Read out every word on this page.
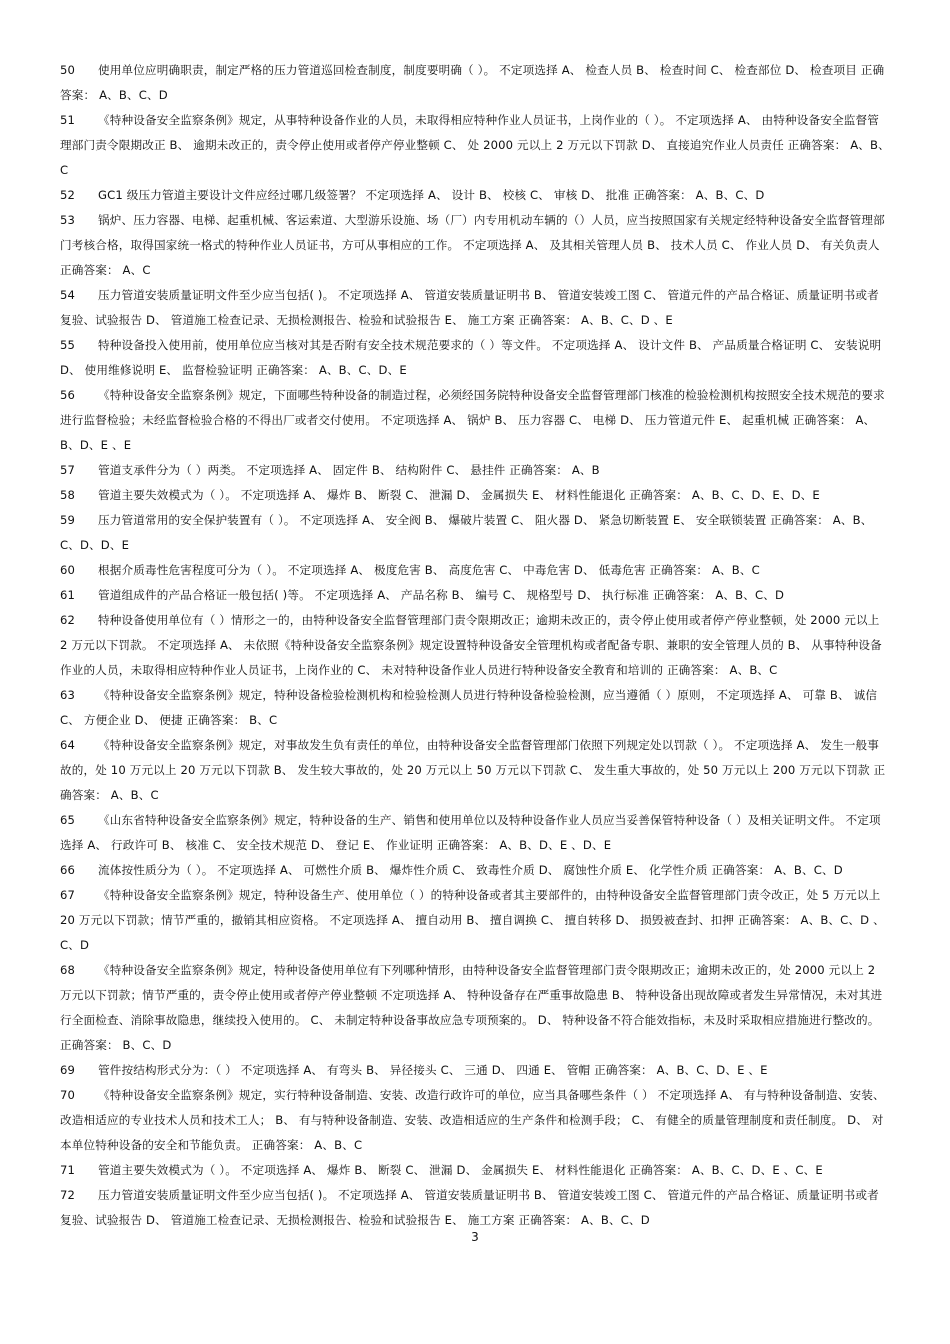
50 使用单位应明确职责，制定严格的压力管道巡回检查制度，制度要明确（ ）。 不定项选择 A、 检查人员 B、 检查时间 C、 检查部位 D、 检查项目 正确答案： A、B、C、D
51 《特种设备安全监察条例》规定，从事特种设备作业的人员，未取得相应特种作业人员证书，上岗作业的（ ）。 不定项选择 A、 由特种设备安全监督管理部门责令限期改正 B、 逾期未改正的，责令停止使用或者停产停业整顿 C、 处 2000 元以上 2 万元以下罚款 D、 直接追究作业人员责任 正确答案： A、B、C
52 GC1 级压力管道主要设计文件应经过哪几级签署？ 不定项选择 A、 设计 B、 校核 C、 审核 D、 批准 正确答案： A、B、C、D
53 锅炉、压力容器、电梯、起重机械、客运索道、大型游乐设施、场（厂）内专用机动车辆的（）人员，应当按照国家有关规定经特种设备安全监督管理部门考核合格，取得国家统一格式的特种作业人员证书，方可从事相应的工作。 不定项选择 A、 及其相关管理人员 B、 技术人员 C、 作业人员 D、 有关负责人 正确答案： A、C
54 压力管道安装质量证明文件至少应当包括( )。 不定项选择 A、 管道安装质量证明书 B、 管道安装竣工图 C、 管道元件的产品合格证、质量证明书或者复验、试验报告 D、 管道施工检查记录、无损检测报告、检验和试验报告 E、 施工方案 正确答案： A、B、C、D 、E
55 特种设备投入使用前，使用单位应当核对其是否附有安全技术规范要求的（ ）等文件。 不定项选择 A、 设计文件 B、 产品质量合格证明 C、 安装说明 D、 使用维修说明 E、 监督检验证明 正确答案： A、B、C、D、E
56 《特种设备安全监察条例》规定，下面哪些特种设备的制造过程，必须经国务院特种设备安全监督管理部门核准的检验检测机构按照安全技术规范的要求进行监督检验；未经监督检验合格的不得出厂或者交付使用。 不定项选择 A、 锅炉 B、 压力容器 C、 电梯 D、 压力管道元件 E、 起重机械 正确答案： A、B、D、E 、E
57 管道支承件分为（ ）两类。 不定项选择 A、 固定件 B、 结构附件 C、 悬挂件 正确答案： A、B
58 管道主要失效模式为（ ）。 不定项选择 A、 爆炸 B、 断裂 C、 泄漏 D、 金属损失 E、 材料性能退化 正确答案： A、B、C、D、E、D、E
59 压力管道常用的安全保护装置有（ ）。 不定项选择 A、 安全阀 B、 爆破片装置 C、 阻火器 D、 紧急切断装置 E、 安全联锁装置 正确答案： A、B、C、D、D、E
60 根据介质毒性危害程度可分为（ ）。 不定项选择 A、 极度危害 B、 高度危害 C、 中毒危害 D、 低毒危害 正确答案： A、B、C
61 管道组成件的产品合格证一般包括( )等。 不定项选择 A、 产品名称 B、 编号 C、 规格型号 D、 执行标准 正确答案： A、B、C、D
62 特种设备使用单位有（ ）情形之一的，由特种设备安全监督管理部门责令限期改正；逾期未改正的，责令停止使用或者停产停业整顿，处 2000 元以上 2 万元以下罚款。 不定项选择 A、 未依照《特种设备安全监察条例》规定设置特种设备安全管理机构或者配备专职、兼职的安全管理人员的 B、 从事特种设备作业的人员，未取得相应特种作业人员证书，上岗作业的 C、 未对特种设备作业人员进行特种设备安全教育和培训的 正确答案： A、B、C
63 《特种设备安全监察条例》规定，特种设备检验检测机构和检验检测人员进行特种设备检验检测，应当遵循（ ）原则， 不定项选择 A、 可靠 B、 诚信 C、 方便企业 D、 便捷 正确答案： B、C
64 《特种设备安全监察条例》规定，对事故发生负有责任的单位，由特种设备安全监督管理部门依照下列规定处以罚款（ ）。 不定项选择 A、 发生一般事故的，处 10 万元以上 20 万元以下罚款 B、 发生较大事故的，处 20 万元以上 50 万元以下罚款 C、 发生重大事故的，处 50 万元以上 200 万元以下罚款 正确答案： A、B、C
65 《山东省特种设备安全监察条例》规定，特种设备的生产、销售和使用单位以及特种设备作业人员应当妥善保管特种设备（ ）及相关证明文件。 不定项选择 A、 行政许可 B、 核准 C、 安全技术规范 D、 登记 E、 作业证明 正确答案： A、B、D、E 、D、E
66 流体按性质分为（ ）。 不定项选择 A、 可燃性介质 B、 爆炸性介质 C、 致毒性介质 D、 腐蚀性介质 E、 化学性介质 正确答案： A、B、C、D
67 《特种设备安全监察条例》规定，特种设备生产、使用单位（ ）的特种设备或者其主要部件的，由特种设备安全监督管理部门责令改正，处 5 万元以上 20 万元以下罚款；情节严重的，撤销其相应资格。 不定项选择 A、 擅自动用 B、 擅自调换 C、 擅自转移 D、 损毁被查封、扣押 正确答案： A、B、C、D 、C、D
68 《特种设备安全监察条例》规定，特种设备使用单位有下列哪种情形，由特种设备安全监督管理部门责令限期改正；逾期未改正的，处 2000 元以上 2 万元以下罚款；情节严重的，责令停止使用或者停产停业整顿 不定项选择 A、 特种设备存在严重事故隐患 B、 特种设备出现故障或者发生异常情况，未对其进行全面检查、消除事故隐患，继续投入使用的。 C、 未制定特种设备事故应急专项预案的。 D、 特种设备不符合能效指标，未及时采取相应措施进行整改的。 正确答案： B、C、D
69 管件按结构形式分为：（ ） 不定项选择 A、 有弯头 B、 异径接头 C、 三通 D、 四通 E、 管帽 正确答案： A、B、C、D、E 、E
70 《特种设备安全监察条例》规定，实行特种设备制造、安装、改造行政许可的单位，应当具备哪些条件（ ） 不定项选择 A、 有与特种设备制造、安装、改造相适应的专业技术人员和技术工人； B、 有与特种设备制造、安装、改造相适应的生产条件和检测手段； C、 有健全的质量管理制度和责任制度。 D、 对本单位特种设备的安全和节能负责。 正确答案： A、B、C
71 管道主要失效模式为（ ）。 不定项选择 A、 爆炸 B、 断裂 C、 泄漏 D、 金属损失 E、 材料性能退化 正确答案： A、B、C、D、E 、C、E
72 压力管道安装质量证明文件至少应当包括( )。 不定项选择 A、 管道安装质量证明书 B、 管道安装竣工图 C、 管道元件的产品合格证、质量证明书或者复验、试验报告 D、 管道施工检查记录、无损检测报告、检验和试验报告 E、 施工方案 正确答案： A、B、C、D
3
